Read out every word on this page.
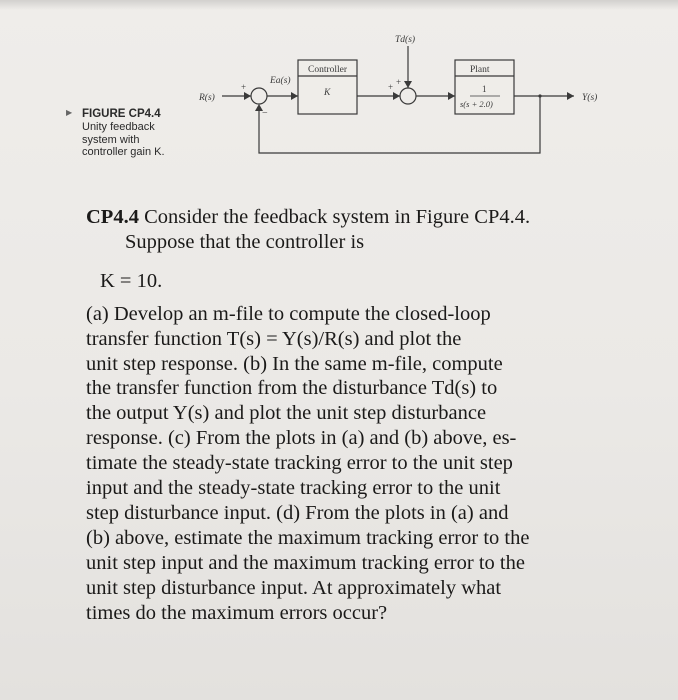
▶ FIGURE CP4.4
Unity feedback
system with
controller gain K.
R(s)
+
−
Ea(s)
Controller
K
Td(s)
+
+
Plant
1
s(s + 2.0)
Y(s)

CP4.4 Consider the feedback system in Figure CP4.4.

Suppose that the controller is

K = 10.

(a) Develop an m-file to compute the closed-loop

transfer function T(s) = Y(s)/R(s) and plot the

unit step response. (b) In the same m-file, compute

the transfer function from the disturbance Td(s) to

the output Y(s) and plot the unit step disturbance

response. (c) From the plots in (a) and (b) above, es-

timate the steady-state tracking error to the unit step

input and the steady-state tracking error to the unit

step disturbance input. (d) From the plots in (a) and

(b) above, estimate the maximum tracking error to the

unit step input and the maximum tracking error to the

unit step disturbance input. At approximately what

times do the maximum errors occur?
